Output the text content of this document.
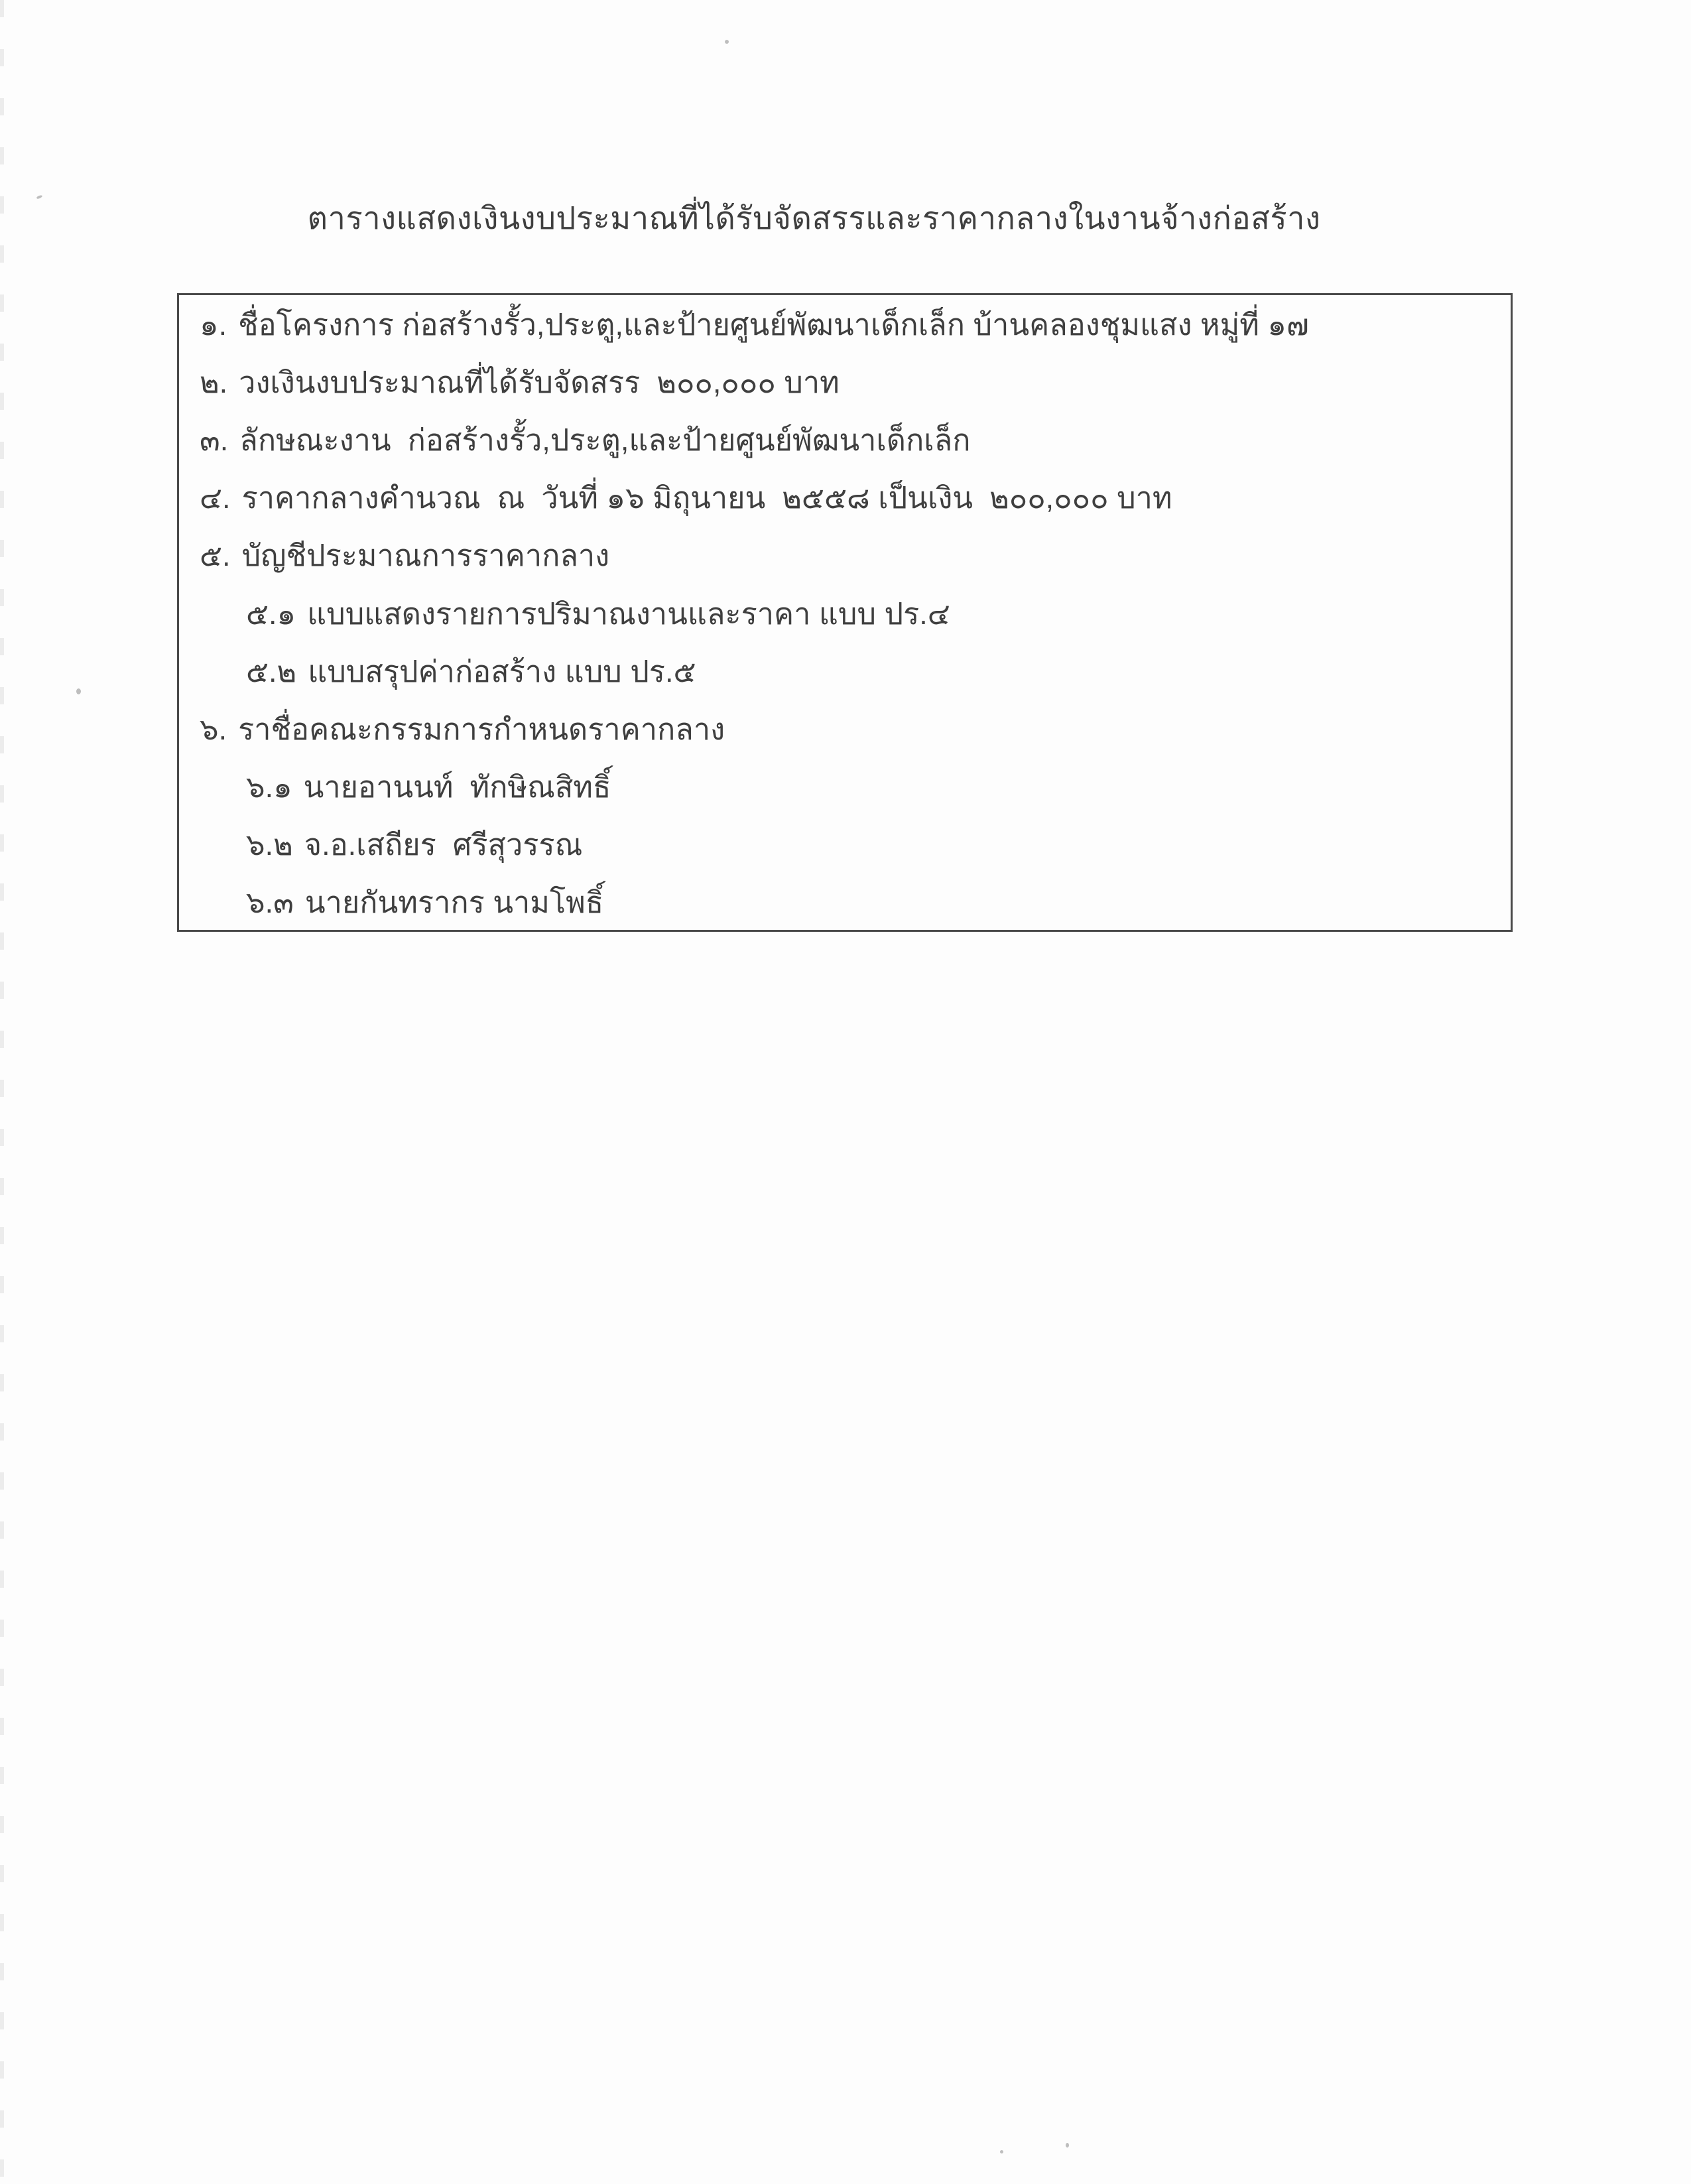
ตารางแสดงเงินงบประมาณที่ได้รับจัดสรรและราคากลางในงานจ้างก่อสร้าง
๑. ชื่อโครงการ ก่อสร้างรั้ว,ประตู,และป้ายศูนย์พัฒนาเด็กเล็ก บ้านคลองชุมแสง หมู่ที่ ๑๗
๒. วงเงินงบประมาณที่ได้รับจัดสรร  ๒๐๐,๐๐๐ บาท
๓. ลักษณะงาน  ก่อสร้างรั้ว,ประตู,และป้ายศูนย์พัฒนาเด็กเล็ก
๔. ราคากลางคำนวณ  ณ  วันที่ ๑๖ มิถุนายน  ๒๕๕๘ เป็นเงิน  ๒๐๐,๐๐๐ บาท
๕. บัญชีประมาณการราคากลาง
๕.๑ แบบแสดงรายการปริมาณงานและราคา แบบ ปร.๔
๕.๒ แบบสรุปค่าก่อสร้าง แบบ ปร.๕
๖. ราชื่อคณะกรรมการกำหนดราคากลาง
๖.๑ นายอานนท์  ทักษิณสิทธิ์
๖.๒ จ.อ.เสถียร  ศรีสุวรรณ
๖.๓ นายกันทรากร นามโพธิ์
